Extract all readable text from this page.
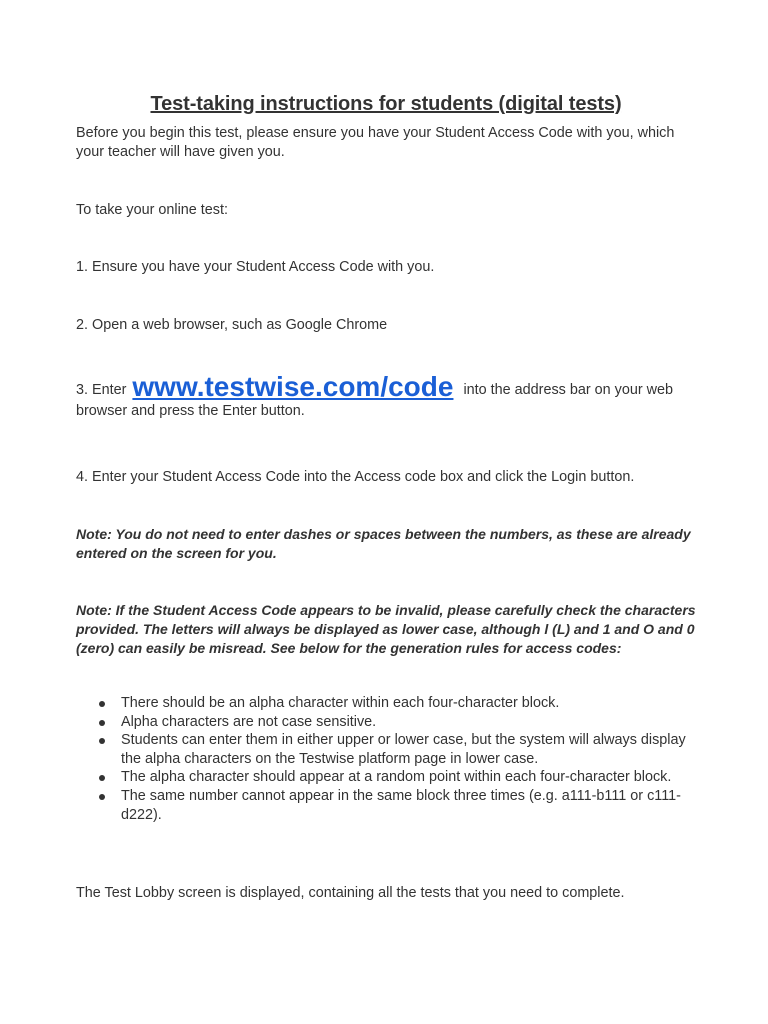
Test-taking instructions for students (digital tests)
Before you begin this test, please ensure you have your Student Access Code with you, which your teacher will have given you.
To take your online test:
1. Ensure you have your Student Access Code with you.
2. Open a web browser, such as Google Chrome
3. Enter www.testwise.com/code into the address bar on your web browser and press the Enter button.
4. Enter your Student Access Code into the Access code box and click the Login button.
Note: You do not need to enter dashes or spaces between the numbers, as these are already entered on the screen for you.
Note: If the Student Access Code appears to be invalid, please carefully check the characters provided. The letters will always be displayed as lower case, although l (L) and 1 and O and 0 (zero) can easily be misread. See below for the generation rules for access codes:
There should be an alpha character within each four-character block.
Alpha characters are not case sensitive.
Students can enter them in either upper or lower case, but the system will always display the alpha characters on the Testwise platform page in lower case.
The alpha character should appear at a random point within each four-character block.
The same number cannot appear in the same block three times (e.g. a111-b111 or c111-d222).
The Test Lobby screen is displayed, containing all the tests that you need to complete.
